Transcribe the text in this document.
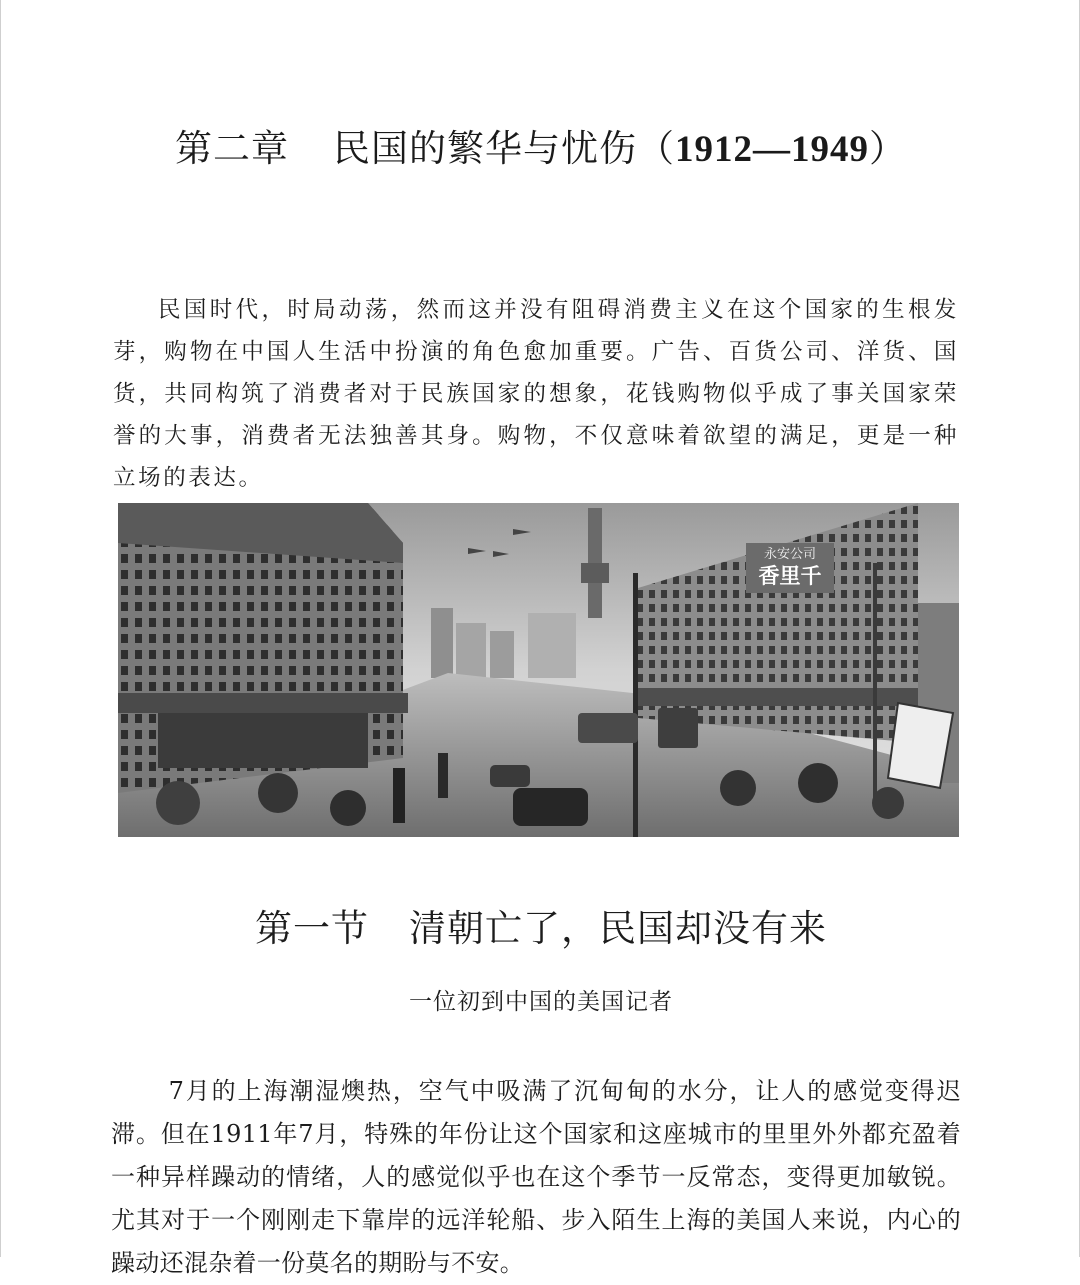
第二章 民国的繁华与忧伤（1912—1949）

民国时代，时局动荡，然而这并没有阻碍消费主义在这个国家的生根发芽，购物在中国人生活中扮演的角色愈加重要。广告、百货公司、洋货、国货，共同构筑了消费者对于民族国家的想象，花钱购物似乎成了事关国家荣誉的大事，消费者无法独善其身。购物，不仅意味着欲望的满足，更是一种立场的表达。

永安公司
香里千
第一节 清朝亡了，民国却没有来
一位初到中国的美国记者

7月的上海潮湿燠热，空气中吸满了沉甸甸的水分，让人的感觉变得迟滞。但在1911年7月，特殊的年份让这个国家和这座城市的里里外外都充盈着一种异样躁动的情绪，人的感觉似乎也在这个季节一反常态，变得更加敏锐。尤其对于一个刚刚走下靠岸的远洋轮船、步入陌生上海的美国人来说，内心的躁动还混杂着一份莫名的期盼与不安。
